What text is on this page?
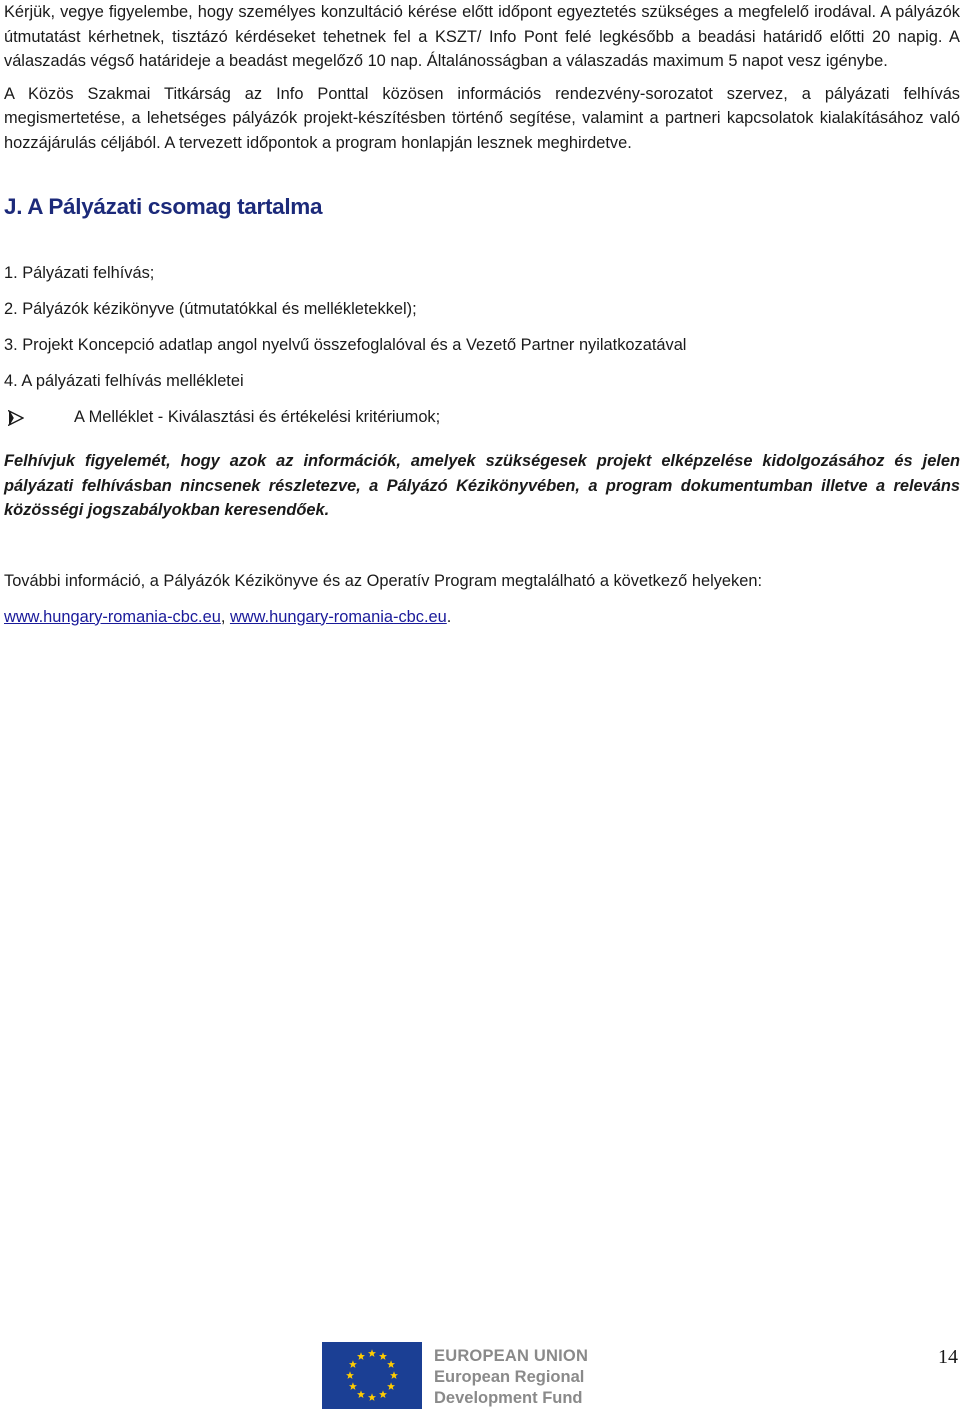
Kérjük, vegye figyelembe, hogy személyes konzultáció kérése előtt időpont egyeztetés szükséges a megfelelő irodával. A pályázók útmutatást kérhetnek, tisztázó kérdéseket tehetnek fel a KSZT/ Info Pont felé legkésőbb a beadási határidő előtti 20 napig. A válaszadás végső határideje a beadást megelőző 10 nap. Általánosságban a válaszadás maximum 5 napot vesz igénybe.

A Közös Szakmai Titkárság az Info Ponttal közösen információs rendezvény-sorozatot szervez, a pályázati felhívás megismertetése, a lehetséges pályázók projekt-készítésben történő segítése, valamint a partneri kapcsolatok kialakításához való hozzájárulás céljából. A tervezett időpontok a program honlapján lesznek meghirdetve.

J. A Pályázati csomag tartalma
1. Pályázati felhívás;
2. Pályázók kézikönyve (útmutatókkal és mellékletekkel);
3. Projekt Koncepció adatlap angol nyelvű összefoglalóval és a Vezető Partner nyilatkozatával
4. A pályázati felhívás mellékletei
A Melléklet - Kiválasztási és értékelési kritériumok;

Felhívjuk figyelemét, hogy azok az információk, amelyek szükségesek projekt elképzelése kidolgozásához és jelen pályázati felhívásban nincsenek részletezve, a Pályázó Kézikönyvében, a program dokumentumban illetve a releváns közösségi jogszabályokban keresendőek.

További információ, a Pályázók Kézikönyve és az Operatív Program megtalálható a következő helyeken:

www.hungary-romania-cbc.eu, www.hungary-romania-cbc.eu.

EUROPEAN UNION
European Regional
Development Fund
14
